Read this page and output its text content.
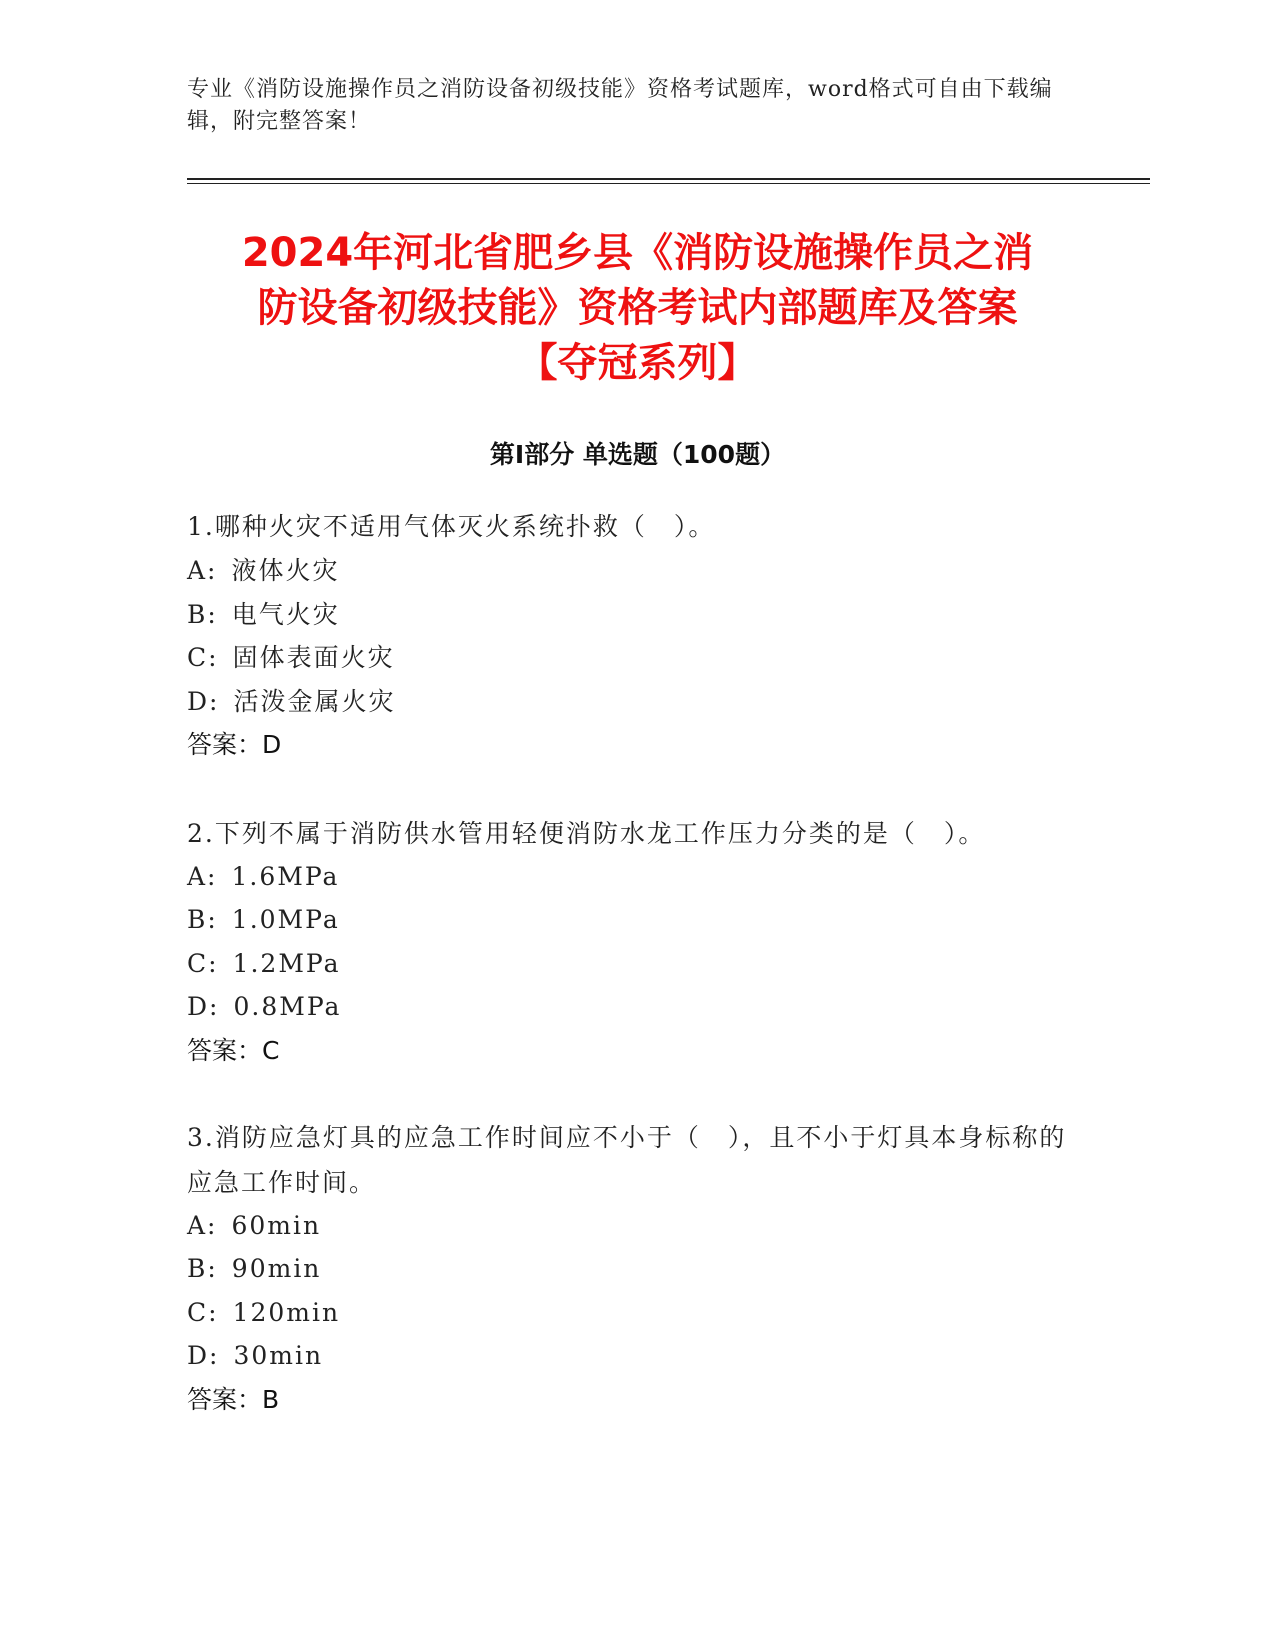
专业《消防设施操作员之消防设备初级技能》资格考试题库，word格式可自由下载编辑，附完整答案！
2024年河北省肥乡县《消防设施操作员之消
防设备初级技能》资格考试内部题库及答案
【夺冠系列】
第Ⅰ部分 单选题（100题）
1.哪种火灾不适用气体灭火系统扑救（　）。
A: 液体火灾
B: 电气火灾
C: 固体表面火灾
D: 活泼金属火灾
答案：D
2.下列不属于消防供水管用轻便消防水龙工作压力分类的是（　）。
A: 1.6MPa
B: 1.0MPa
C: 1.2MPa
D: 0.8MPa
答案：C
3.消防应急灯具的应急工作时间应不小于（　），且不小于灯具本身标称的应急工作时间。
A: 60min
B: 90min
C: 120min
D: 30min
答案：B
